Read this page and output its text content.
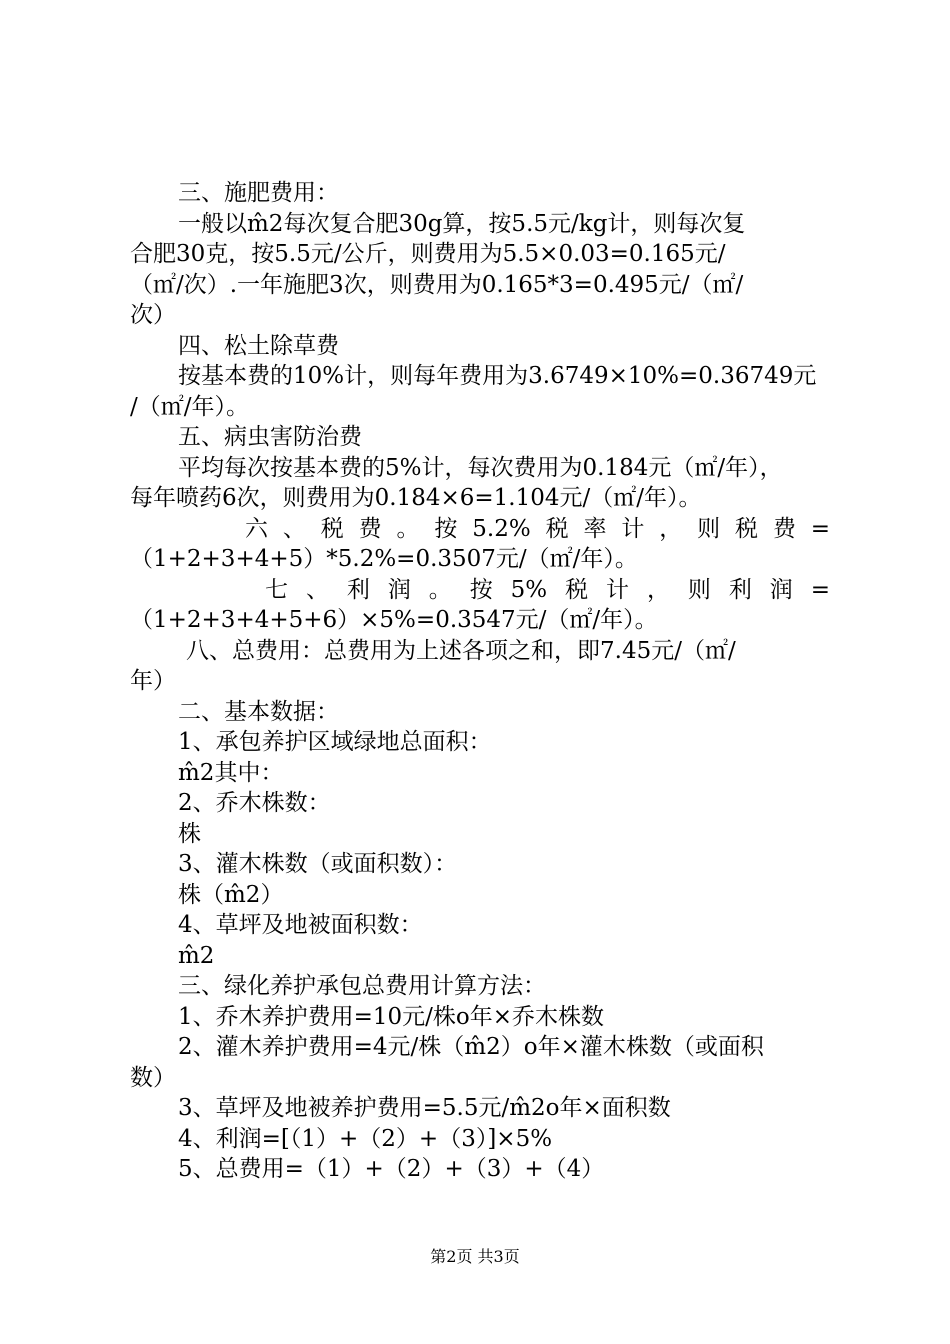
三、施肥费用：
一般以m̂2每次复合肥30g算，按5.5元/kg计，则每次复
合肥30克，按5.5元/公斤，则费用为5.5×0.03=0.165元/
（㎡/次）.一年施肥3次，则费用为0.165*3=0.495元/（㎡/
次）
四、松土除草费
按基本费的10%计，则每年费用为3.6749×10%=0.36749元
/（㎡/年）。
五、病虫害防治费
平均每次按基本费的5%计，每次费用为0.184元（㎡/年），
每年喷药6次，则费用为0.184×6=1.104元/（㎡/年）。
六、税费。按5.2%税率计，则税费=
（1+2+3+4+5）*5.2%=0.3507元/（㎡/年）。
七、利润。按5%税计，则利润=
（1+2+3+4+5+6）×5%=0.3547元/（㎡/年）。
八、总费用：总费用为上述各项之和，即7.45元/（㎡/
年）
二、基本数据：
1、承包养护区域绿地总面积：
m̂2其中：
2、乔木株数：
株
3、灌木株数（或面积数）：
株（m̂2）
4、草坪及地被面积数：
m̂2
三、绿化养护承包总费用计算方法：
1、乔木养护费用=10元/株o年×乔木株数
2、灌木养护费用=4元/株（m̂2）o年×灌木株数（或面积
数）
3、草坪及地被养护费用=5.5元/m̂2o年×面积数
4、利润=[（1）+（2）+（3）]×5%
5、总费用=（1）+（2）+（3）+（4）
第2页 共3页
